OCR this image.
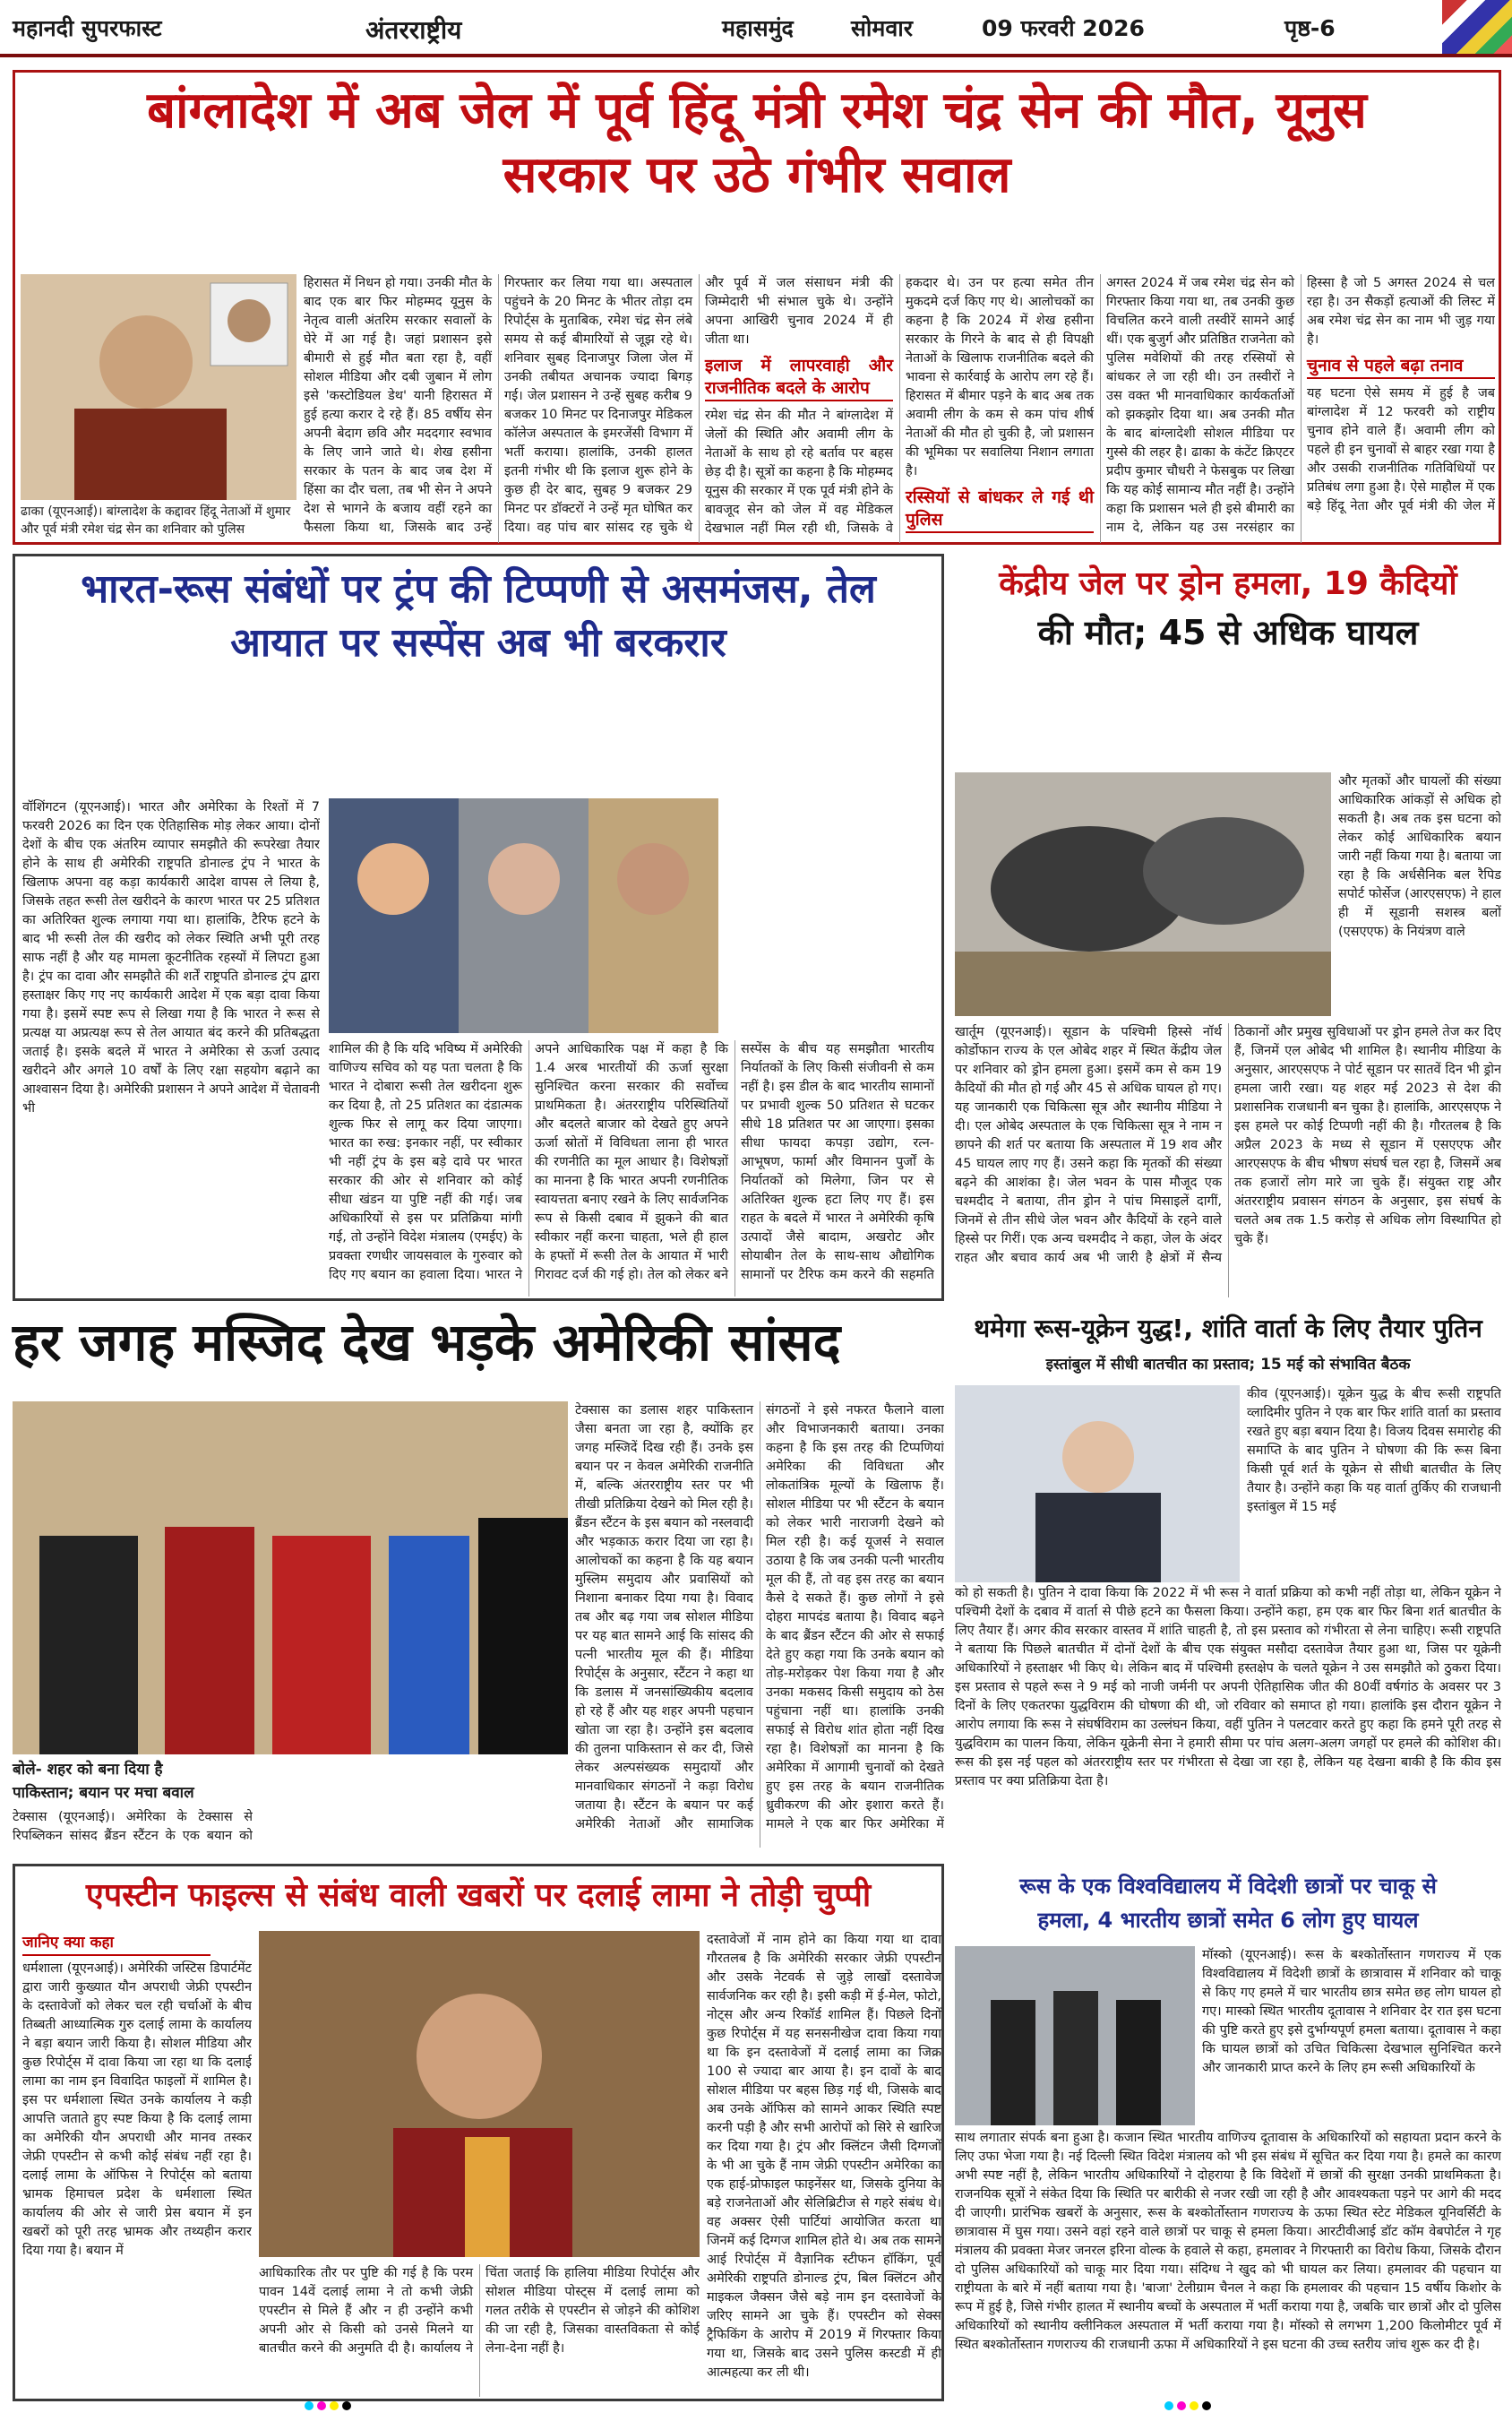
महानदी सुपरफास्ट	अंतरराष्ट्रीय	महासमुंद	सोमवार	09 फरवरी 2026	पृष्ठ-6
बांग्लादेश में अब जेल में पूर्व हिंदू मंत्री रमेश चंद्र सेन की मौत, यूनुस
सरकार पर उठे गंभीर सवाल
ढाका (यूएनआई)। बांग्लादेश के कद्दावर हिंदू नेताओं में शुमार और पूर्व मंत्री रमेश चंद्र सेन का शनिवार को पुलिस

हिरासत में निधन हो गया। उनकी मौत के बाद एक बार फिर मोहम्मद यूनुस के नेतृत्व वाली अंतरिम सरकार सवालों के घेरे में आ गई है। जहां प्रशासन इसे बीमारी से हुई मौत बता रहा है, वहीं सोशल मीडिया और दबी जुबान में लोग इसे 'कस्टोडियल डेथ' यानी हिरासत में हुई हत्या करार दे रहे हैं। 85 वर्षीय सेन अपनी बेदाग छवि और मददगार स्वभाव के लिए जाने जाते थे। शेख हसीना सरकार के पतन के बाद जब देश में हिंसा का दौर चला, तब भी सेन ने अपने देश से भागने के बजाय वहीं रहने का फैसला किया था, जिसके बाद उन्हें गिरफ्तार कर लिया गया था। अस्पताल पहुंचने के 20 मिनट के भीतर तोड़ा दम रिपोर्ट्स के मुताबिक, रमेश चंद्र सेन लंबे समय से कई बीमारियों से जूझ रहे थे। शनिवार सुबह दिनाजपुर जिला जेल में उनकी तबीयत अचानक ज्यादा बिगड़ गई। जेल प्रशासन ने उन्हें सुबह करीब 9 बजकर 10 मिनट पर दिनाजपुर मेडिकल कॉलेज अस्पताल के इमरजेंसी विभाग में भर्ती कराया। हालांकि, उनकी हालत इतनी गंभीर थी कि इलाज शुरू होने के कुछ ही देर बाद, सुबह 9 बजकर 29 मिनट पर डॉक्टरों ने उन्हें मृत घोषित कर दिया। वह पांच बार सांसद रह चुके थे और पूर्व में जल संसाधन मंत्री की जिम्मेदारी भी संभाल चुके थे। उन्होंने अपना आखिरी चुनाव 2024 में ही जीता था।

इलाज में लापरवाही और राजनीतिक बदले के आरोप

रमेश चंद्र सेन की मौत ने बांग्लादेश में जेलों की स्थिति और अवामी लीग के नेताओं के साथ हो रहे बर्ताव पर बहस छेड़ दी है। सूत्रों का कहना है कि मोहम्मद यूनुस की सरकार में एक पूर्व मंत्री होने के बावजूद सेन को जेल में वह मेडिकल देखभाल नहीं मिल रही थी, जिसके वे हकदार थे। उन पर हत्या समेत तीन मुकदमे दर्ज किए गए थे। आलोचकों का कहना है कि 2024 में शेख हसीना सरकार के गिरने के बाद से ही विपक्षी नेताओं के खिलाफ राजनीतिक बदले की भावना से कार्रवाई के आरोप लग रहे हैं। हिरासत में बीमार पड़ने के बाद अब तक अवामी लीग के कम से कम पांच शीर्ष नेताओं की मौत हो चुकी है, जो प्रशासन की भूमिका पर सवालिया निशान लगाता है।

रस्सियों से बांधकर ले गई थी पुलिस

अगस्त 2024 में जब रमेश चंद्र सेन को गिरफ्तार किया गया था, तब उनकी कुछ विचलित करने वाली तस्वीरें सामने आई थीं। एक बुजुर्ग और प्रतिष्ठित राजनेता को पुलिस मवेशियों की तरह रस्सियों से बांधकर ले जा रही थी। उन तस्वीरों ने उस वक्त भी मानवाधिकार कार्यकर्ताओं को झकझोर दिया था। अब उनकी मौत के बाद बांग्लादेशी सोशल मीडिया पर गुस्से की लहर है। ढाका के कंटेंट क्रिएटर प्रदीप कुमार चौधरी ने फेसबुक पर लिखा कि यह कोई सामान्य मौत नहीं है। उन्होंने कहा कि प्रशासन भले ही इसे बीमारी का नाम दे, लेकिन यह उस नरसंहार का हिस्सा है जो 5 अगस्त 2024 से चल रहा है। उन सैकड़ों हत्याओं की लिस्ट में अब रमेश चंद्र सेन का नाम भी जुड़ गया है।

चुनाव से पहले बढ़ा तनाव

यह घटना ऐसे समय में हुई है जब बांग्लादेश में 12 फरवरी को राष्ट्रीय चुनाव होने वाले हैं। अवामी लीग को पहले ही इन चुनावों से बाहर रखा गया है और उसकी राजनीतिक गतिविधियों पर प्रतिबंध लगा हुआ है। ऐसे माहौल में एक बड़े हिंदू नेता और पूर्व मंत्री की जेल में

भारत-रूस संबंधों पर ट्रंप की टिप्पणी से असमंजस, तेल
आयात पर सस्पेंस अब भी बरकरार

वॉशिंगटन (यूएनआई)। भारत और अमेरिका के रिश्तों में 7 फरवरी 2026 का दिन एक ऐतिहासिक मोड़ लेकर आया। दोनों देशों के बीच एक अंतरिम व्यापार समझौते की रूपरेखा तैयार होने के साथ ही अमेरिकी राष्ट्रपति डोनाल्ड ट्रंप ने भारत के खिलाफ अपना वह कड़ा कार्यकारी आदेश वापस ले लिया है, जिसके तहत रूसी तेल खरीदने के कारण भारत पर 25 प्रतिशत का अतिरिक्त शुल्क लगाया गया था। हालांकि, टैरिफ हटने के बाद भी रूसी तेल की खरीद को लेकर स्थिति अभी पूरी तरह साफ नहीं है और यह मामला कूटनीतिक रहस्यों में लिपटा हुआ है। ट्रंप का दावा और समझौते की शर्तें राष्ट्रपति डोनाल्ड ट्रंप द्वारा हस्ताक्षर किए गए नए कार्यकारी आदेश में एक बड़ा दावा किया गया है। इसमें स्पष्ट रूप से लिखा गया है कि भारत ने रूस से प्रत्यक्ष या अप्रत्यक्ष रूप से तेल आयात बंद करने की प्रतिबद्धता जताई है। इसके बदले में भारत ने अमेरिका से ऊर्जा उत्पाद खरीदने और अगले 10 वर्षों के लिए रक्षा सहयोग बढ़ाने का आश्वासन दिया है। अमेरिकी प्रशासन ने अपने आदेश में चेतावनी भी

शामिल की है कि यदि भविष्य में अमेरिकी वाणिज्य सचिव को यह पता चलता है कि भारत ने दोबारा रूसी तेल खरीदना शुरू कर दिया है, तो 25 प्रतिशत का दंडात्मक शुल्क फिर से लागू कर दिया जाएगा। भारत का रुख: इनकार नहीं, पर स्वीकार भी नहीं ट्रंप के इस बड़े दावे पर भारत सरकार की ओर से शनिवार को कोई सीधा खंडन या पुष्टि नहीं की गई। जब अधिकारियों से इस पर प्रतिक्रिया मांगी गई, तो उन्होंने विदेश मंत्रालय (एमईए) के प्रवक्ता रणधीर जायसवाल के गुरुवार को दिए गए बयान का हवाला दिया। भारत ने अपने आधिकारिक पक्ष में कहा है कि 1.4 अरब भारतीयों की ऊर्जा सुरक्षा सुनिश्चित करना सरकार की सर्वोच्च प्राथमिकता है। अंतरराष्ट्रीय परिस्थितियों और बदलते बाजार को देखते हुए अपने ऊर्जा स्रोतों में विविधता लाना ही भारत की रणनीति का मूल आधार है। विशेषज्ञों का मानना है कि भारत अपनी रणनीतिक स्वायत्तता बनाए रखने के लिए सार्वजनिक रूप से किसी दबाव में झुकने की बात स्वीकार नहीं करना चाहता, भले ही हाल के हफ्तों में रूसी तेल के आयात में भारी गिरावट दर्ज की गई हो। तेल को लेकर बने सस्पेंस के बीच यह समझौता भारतीय निर्यातकों के लिए किसी संजीवनी से कम नहीं है। इस डील के बाद भारतीय सामानों पर प्रभावी शुल्क 50 प्रतिशत से घटकर सीधे 18 प्रतिशत पर आ जाएगा। इसका सीधा फायदा कपड़ा उद्योग, रत्न-आभूषण, फार्मा और विमानन पुर्जों के निर्यातकों को मिलेगा, जिन पर से अतिरिक्त शुल्क हटा लिए गए हैं। इस राहत के बदले में भारत ने अमेरिकी कृषि उत्पादों जैसे बादाम, अखरोट और सोयाबीन तेल के साथ-साथ औद्योगिक सामानों पर टैरिफ कम करने की सहमति

केंद्रीय जेल पर ड्रोन हमला, 19 कैदियों
की मौत; 45 से अधिक घायल

और मृतकों और घायलों की संख्या आधिकारिक आंकड़ों से अधिक हो सकती है। अब तक इस घटना को लेकर कोई आधिकारिक बयान जारी नहीं किया गया है। बताया जा रहा है कि अर्धसैनिक बल रैपिड सपोर्ट फोर्सेज (आरएसएफ) ने हाल ही में सूडानी सशस्त्र बलों (एसएएफ) के नियंत्रण वाले

खार्तूम (यूएनआई)। सूडान के पश्चिमी हिस्से नॉर्थ कोर्डोफान राज्य के एल ओबेद शहर में स्थित केंद्रीय जेल पर शनिवार को ड्रोन हमला हुआ। इसमें कम से कम 19 कैदियों की मौत हो गई और 45 से अधिक घायल हो गए। यह जानकारी एक चिकित्सा सूत्र और स्थानीय मीडिया ने दी। एल ओबेद अस्पताल के एक चिकित्सा सूत्र ने नाम न छापने की शर्त पर बताया कि अस्पताल में 19 शव और 45 घायल लाए गए हैं। उसने कहा कि मृतकों की संख्या बढ़ने की आशंका है। जेल भवन के पास मौजूद एक चश्मदीद ने बताया, तीन ड्रोन ने पांच मिसाइलें दागीं, जिनमें से तीन सीधे जेल भवन और कैदियों के रहने वाले हिस्से पर गिरीं। एक अन्य चश्मदीद ने कहा, जेल के अंदर राहत और बचाव कार्य अब भी जारी है क्षेत्रों में सैन्य ठिकानों और प्रमुख सुविधाओं पर ड्रोन हमले तेज कर दिए हैं, जिनमें एल ओबेद भी शामिल है। स्थानीय मीडिया के अनुसार, आरएसएफ ने पोर्ट सूडान पर सातवें दिन भी ड्रोन हमला जारी रखा। यह शहर मई 2023 से देश की प्रशासनिक राजधानी बन चुका है। हालांकि, आरएसएफ ने इस हमले पर कोई टिप्पणी नहीं की है। गौरतलब है कि अप्रैल 2023 के मध्य से सूडान में एसएएफ और आरएसएफ के बीच भीषण संघर्ष चल रहा है, जिसमें अब तक हजारों लोग मारे जा चुके हैं। संयुक्त राष्ट्र और अंतरराष्ट्रीय प्रवासन संगठन के अनुसार, इस संघर्ष के चलते अब तक 1.5 करोड़ से अधिक लोग विस्थापित हो चुके हैं।

हर जगह मस्जिद देख भड़के अमेरिकी सांसद
बोले- शहर को बना दिया है
पाकिस्तान; बयान पर मचा बवाल

टेक्सास (यूएनआई)। अमेरिका के टेक्सास से रिपब्लिकन सांसद ब्रैंडन स्टैंटन के एक बयान को

टेक्सास का डलास शहर पाकिस्तान जैसा बनता जा रहा है, क्योंकि हर जगह मस्जिदें दिख रही हैं। उनके इस बयान पर न केवल अमेरिकी राजनीति में, बल्कि अंतरराष्ट्रीय स्तर पर भी तीखी प्रतिक्रिया देखने को मिल रही है। ब्रैंडन स्टैंटन के इस बयान को नस्लवादी और भड़काऊ करार दिया जा रहा है। आलोचकों का कहना है कि यह बयान मुस्लिम समुदाय और प्रवासियों को निशाना बनाकर दिया गया है। विवाद तब और बढ़ गया जब सोशल मीडिया पर यह बात सामने आई कि सांसद की पत्नी भारतीय मूल की हैं। मीडिया रिपोर्ट्स के अनुसार, स्टैंटन ने कहा था कि डलास में जनसांख्यिकीय बदलाव हो रहे हैं और यह शहर अपनी पहचान खोता जा रहा है। उन्होंने इस बदलाव की तुलना पाकिस्तान से कर दी, जिसे लेकर अल्पसंख्यक समुदायों और मानवाधिकार संगठनों ने कड़ा विरोध जताया है। स्टैंटन के बयान पर कई अमेरिकी नेताओं और सामाजिक संगठनों ने इसे नफरत फैलाने वाला और विभाजनकारी बताया। उनका कहना है कि इस तरह की टिप्पणियां अमेरिका की विविधता और लोकतांत्रिक मूल्यों के खिलाफ हैं। सोशल मीडिया पर भी स्टैंटन के बयान को लेकर भारी नाराजगी देखने को मिल रही है। कई यूजर्स ने सवाल उठाया है कि जब उनकी पत्नी भारतीय मूल की हैं, तो वह इस तरह का बयान कैसे दे सकते हैं। कुछ लोगों ने इसे दोहरा मापदंड बताया है। विवाद बढ़ने के बाद ब्रैंडन स्टैंटन की ओर से सफाई देते हुए कहा गया कि उनके बयान को तोड़-मरोड़कर पेश किया गया है और उनका मकसद किसी समुदाय को ठेस पहुंचाना नहीं था। हालांकि उनकी सफाई से विरोध शांत होता नहीं दिख रहा है। विशेषज्ञों का मानना है कि अमेरिका में आगामी चुनावों को देखते हुए इस तरह के बयान राजनीतिक ध्रुवीकरण की ओर इशारा करते हैं। मामले ने एक बार फिर अमेरिका में

थमेगा रूस-यूक्रेन युद्ध!, शांति वार्ता के लिए तैयार पुतिन
इस्तांबुल में सीधी बातचीत का प्रस्ताव; 15 मई को संभावित बैठक

कीव (यूएनआई)। यूक्रेन युद्ध के बीच रूसी राष्ट्रपति व्लादिमीर पुतिन ने एक बार फिर शांति वार्ता का प्रस्ताव रखते हुए बड़ा बयान दिया है। विजय दिवस समारोह की समाप्ति के बाद पुतिन ने घोषणा की कि रूस बिना किसी पूर्व शर्त के यूक्रेन से सीधी बातचीत के लिए तैयार है। उन्होंने कहा कि यह वार्ता तुर्किए की राजधानी इस्तांबुल में 15 मई

को हो सकती है। पुतिन ने दावा किया कि 2022 में भी रूस ने वार्ता प्रक्रिया को कभी नहीं तोड़ा था, लेकिन यूक्रेन ने पश्चिमी देशों के दबाव में वार्ता से पीछे हटने का फैसला किया। उन्होंने कहा, हम एक बार फिर बिना शर्त बातचीत के लिए तैयार हैं। अगर कीव सरकार वास्तव में शांति चाहती है, तो इस प्रस्ताव को गंभीरता से लेना चाहिए। रूसी राष्ट्रपति ने बताया कि पिछले बातचीत में दोनों देशों के बीच एक संयुक्त मसौदा दस्तावेज तैयार हुआ था, जिस पर यूक्रेनी अधिकारियों ने हस्ताक्षर भी किए थे। लेकिन बाद में पश्चिमी हस्तक्षेप के चलते यूक्रेन ने उस समझौते को ठुकरा दिया। इस प्रस्ताव से पहले रूस ने 9 मई को नाजी जर्मनी पर अपनी ऐतिहासिक जीत की 80वीं वर्षगांठ के अवसर पर 3 दिनों के लिए एकतरफा युद्धविराम की घोषणा की थी, जो रविवार को समाप्त हो गया। हालांकि इस दौरान यूक्रेन ने आरोप लगाया कि रूस ने संघर्षविराम का उल्लंघन किया, वहीं पुतिन ने पलटवार करते हुए कहा कि हमने पूरी तरह से युद्धविराम का पालन किया, लेकिन यूक्रेनी सेना ने हमारी सीमा पर पांच अलग-अलग जगहों पर हमले की कोशिश की। रूस की इस नई पहल को अंतरराष्ट्रीय स्तर पर गंभीरता से देखा जा रहा है, लेकिन यह देखना बाकी है कि कीव इस प्रस्ताव पर क्या प्रतिक्रिया देता है।

एपस्टीन फाइल्स से संबंध वाली खबरों पर दलाई लामा ने तोड़ी चुप्पी
जानिए क्या कहा

धर्मशाला (यूएनआई)। अमेरिकी जस्टिस डिपार्टमेंट द्वारा जारी कुख्यात यौन अपराधी जेफ्री एपस्टीन के दस्तावेजों को लेकर चल रही चर्चाओं के बीच तिब्बती आध्यात्मिक गुरु दलाई लामा के कार्यालय ने बड़ा बयान जारी किया है। सोशल मीडिया और कुछ रिपोर्ट्स में दावा किया जा रहा था कि दलाई लामा का नाम इन विवादित फाइलों में शामिल है। इस पर धर्मशाला स्थित उनके कार्यालय ने कड़ी आपत्ति जताते हुए स्पष्ट किया है कि दलाई लामा का अमेरिकी यौन अपराधी और मानव तस्कर जेफ्री एपस्टीन से कभी कोई संबंध नहीं रहा है। दलाई लामा के ऑफिस ने रिपोर्ट्स को बताया भ्रामक हिमाचल प्रदेश के धर्मशाला स्थित कार्यालय की ओर से जारी प्रेस बयान में इन खबरों को पूरी तरह भ्रामक और तथ्यहीन करार दिया गया है। बयान में

आधिकारिक तौर पर पुष्टि की गई है कि परम पावन 14वें दलाई लामा ने तो कभी जेफ्री एपस्टीन से मिले हैं और न ही उन्होंने कभी अपनी ओर से किसी को उनसे मिलने या बातचीत करने की अनुमति दी है। कार्यालय ने चिंता जताई कि हालिया मीडिया रिपोर्ट्स और सोशल मीडिया पोस्ट्स में दलाई लामा को गलत तरीके से एपस्टीन से जोड़ने की कोशिश की जा रही है, जिसका वास्तविकता से कोई लेना-देना नहीं है।

दस्तावेजों में नाम होने का किया गया था दावा गौरतलब है कि अमेरिकी सरकार जेफ्री एपस्टीन और उसके नेटवर्क से जुड़े लाखों दस्तावेज सार्वजनिक कर रही है। इसी कड़ी में ई-मेल, फोटो, नोट्स और अन्य रिकॉर्ड शामिल हैं। पिछले दिनों कुछ रिपोर्ट्स में यह सनसनीखेज दावा किया गया था कि इन दस्तावेजों में दलाई लामा का जिक्र 100 से ज्यादा बार आया है। इन दावों के बाद सोशल मीडिया पर बहस छिड़ गई थी, जिसके बाद अब उनके ऑफिस को सामने आकर स्थिति स्पष्ट करनी पड़ी है और सभी आरोपों को सिरे से खारिज कर दिया गया है। ट्रंप और क्लिंटन जैसी दिग्गजों के भी आ चुके हैं नाम जेफ्री एपस्टीन अमेरिका का एक हाई-प्रोफाइल फाइनेंसर था, जिसके दुनिया के बड़े राजनेताओं और सेलिब्रिटीज से गहरे संबंध थे। वह अक्सर ऐसी पार्टियां आयोजित करता था जिनमें कई दिग्गज शामिल होते थे। अब तक सामने आई रिपोर्ट्स में वैज्ञानिक स्टीफन हॉकिंग, पूर्व अमेरिकी राष्ट्रपति डोनाल्ड ट्रंप, बिल क्लिंटन और माइकल जैक्सन जैसे बड़े नाम इन दस्तावेजों के जरिए सामने आ चुके हैं। एपस्टीन को सेक्स ट्रैफिकिंग के आरोप में 2019 में गिरफ्तार किया गया था, जिसके बाद उसने पुलिस कस्टडी में ही आत्महत्या कर ली थी।

रूस के एक विश्वविद्यालय में विदेशी छात्रों पर चाकू से
हमला, 4 भारतीय छात्रों समेत 6 लोग हुए घायल

मॉस्को (यूएनआई)। रूस के बश्कोर्तोस्तान गणराज्य में एक विश्वविद्यालय में विदेशी छात्रों के छात्रावास में शनिवार को चाकू से किए गए हमले में चार भारतीय छात्र समेत छह लोग घायल हो गए। मास्को स्थित भारतीय दूतावास ने शनिवार देर रात इस घटना की पुष्टि करते हुए इसे दुर्भाग्यपूर्ण हमला बताया। दूतावास ने कहा कि घायल छात्रों को उचित चिकित्सा देखभाल सुनिश्चित करने और जानकारी प्राप्त करने के लिए हम रूसी अधिकारियों के

साथ लगातार संपर्क बना हुआ है। कजान स्थित भारतीय वाणिज्य दूतावास के अधिकारियों को सहायता प्रदान करने के लिए उफा भेजा गया है। नई दिल्ली स्थित विदेश मंत्रालय को भी इस संबंध में सूचित कर दिया गया है। हमले का कारण अभी स्पष्ट नहीं है, लेकिन भारतीय अधिकारियों ने दोहराया है कि विदेशों में छात्रों की सुरक्षा उनकी प्राथमिकता है। राजनयिक सूत्रों ने संकेत दिया कि स्थिति पर बारीकी से नजर रखी जा रही है और आवश्यकता पड़ने पर आगे की मदद दी जाएगी। प्रारंभिक खबरों के अनुसार, रूस के बश्कोर्तोस्तान गणराज्य के ऊफा स्थित स्टेट मेडिकल यूनिवर्सिटी के छात्रावास में घुस गया। उसने वहां रहने वाले छात्रों पर चाकू से हमला किया। आरटीवीआई डॉट कॉम वेबपोर्टल ने गृह मंत्रालय की प्रवक्ता मेजर जनरल इरिना वोल्क के हवाले से कहा, हमलावर ने गिरफ्तारी का विरोध किया, जिसके दौरान दो पुलिस अधिकारियों को चाकू मार दिया गया। संदिग्ध ने खुद को भी घायल कर लिया। हमलावर की पहचान या राष्ट्रीयता के बारे में नहीं बताया गया है। 'बाजा' टेलीग्राम चैनल ने कहा कि हमलावर की पहचान 15 वर्षीय किशोर के रूप में हुई है, जिसे गंभीर हालत में स्थानीय बच्चों के अस्पताल में भर्ती कराया गया है, जबकि चार छात्रों और दो पुलिस अधिकारियों को स्थानीय क्लीनिकल अस्पताल में भर्ती कराया गया है। मॉस्को से लगभग 1,200 किलोमीटर पूर्व में स्थित बश्कोर्तोस्तान गणराज्य की राजधानी ऊफा में अधिकारियों ने इस घटना की उच्च स्तरीय जांच शुरू कर दी है।
